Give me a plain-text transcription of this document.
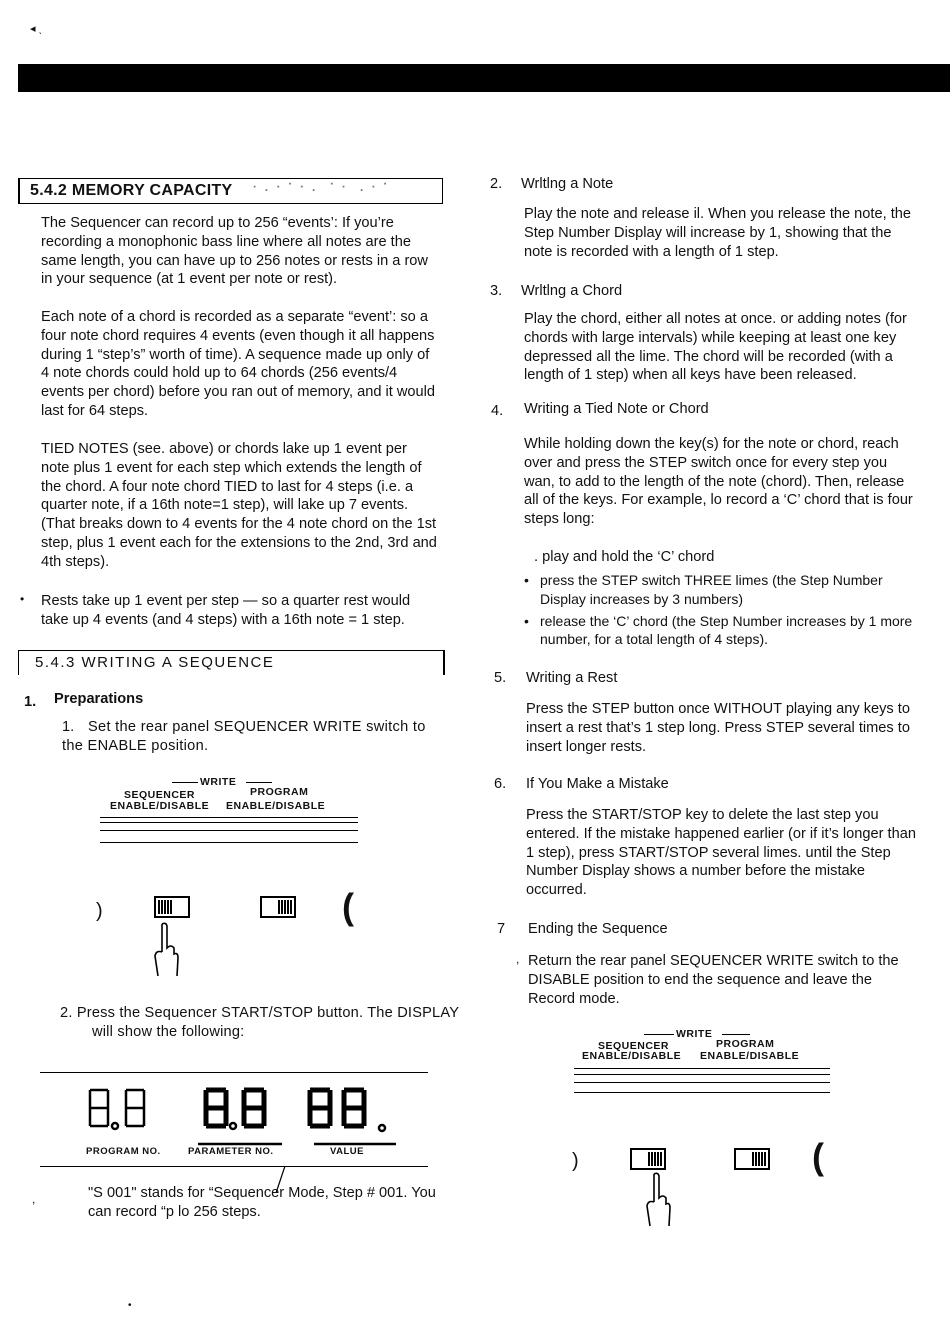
◂ ˎ
5.4.2 MEMORY CAPACITY ⠂⠄⠂⠁⠂⠄ ⠁⠂ ⠄⠂⠁

The Sequencer can record up to 256 “events’: If you’re recording a monophonic bass line where all notes are the same length, you can have up to 256 notes or rests in a row in your sequence (at 1 event per note or rest).

Each note of a chord is recorded as a separate “event’: so a four note chord requires 4 events (even though it all happens during 1 “step’s” worth of time). A sequence made up only of 4 note chords could hold up to 64 chords (256 events/4 events per chord) before you ran out of memory, and it would last for 64 steps.

TIED NOTES (see. above) or chords lake up 1 event per note plus 1 event for each step which extends the length of the chord. A four note chord TIED to last for 4 steps (i.e. a quarter note, if a 16th note=1 step), will lake up 7 events. (That breaks down to 4 events for the 4 note chord on the 1st step, plus 1 event each for the extensions to the 2nd, 3rd and 4th steps).

• Rests take up 1 event per step — so a quarter rest would take up 4 events (and 4 steps) with a 16th note = 1 step.

5.4.3 WRITING A SEQUENCE
1. Preparations
1. Set the rear panel SEQUENCER WRITE switch to the ENABLE position.

WRITE
SEQUENCER	PROGRAM
ENABLE/DISABLE ENABLE/DISABLE
)	(

2. Press the Sequencer START/STOP button. The DISPLAY will show the following:

PROGRAM NO.	PARAMETER NO.	VALUE
,	"S 001" stands for “Sequencer Mode, Step # 001. You can record “p lo 256 steps.

•
2. Wrltlng a Note

Play the note and release il. When you release the note, the Step Number Display will increase by 1, showing that the note is recorded with a length of 1 step.

3. Wrltlng a Chord

Play the chord, either all notes at once. or adding notes (for chords with large intervals) while keeping at least one key depressed all the lime. The chord will be recorded (with a length of 1 step) when all keys have been released.

4. Writing a Tied Note or Chord

While holding down the key(s) for the note or chord, reach over and press the STEP switch once for every step you wan, to add to the length of the note (chord). Then, release all of the keys. For example, lo record a ‘C’ chord that is four steps long:

. play and hold the ‘C’ chord
• press the STEP switch THREE limes (the Step Number Display increases by 3 numbers)
• release the ‘C’ chord (the Step Number increases by 1 more number, for a total length of 4 steps).
5. Writing a Rest

Press the STEP button once WITHOUT playing any keys to insert a rest that’s 1 step long. Press STEP several times to insert longer rests.

6. If You Make a Mistake

Press the START/STOP key to delete the last step you entered. If the mistake happened earlier (or if it’s longer than 1 step), press START/STOP several limes. until the Step Number Display shows a number before the mistake occurred.

7 Ending the Sequence
, Return the rear panel SEQUENCER WRITE switch to the DISABLE position to end the sequence and leave the Record mode.

WRITE
SEQUENCER	PROGRAM
ENABLE/DISABLE ENABLE/DISABLE
)	(
